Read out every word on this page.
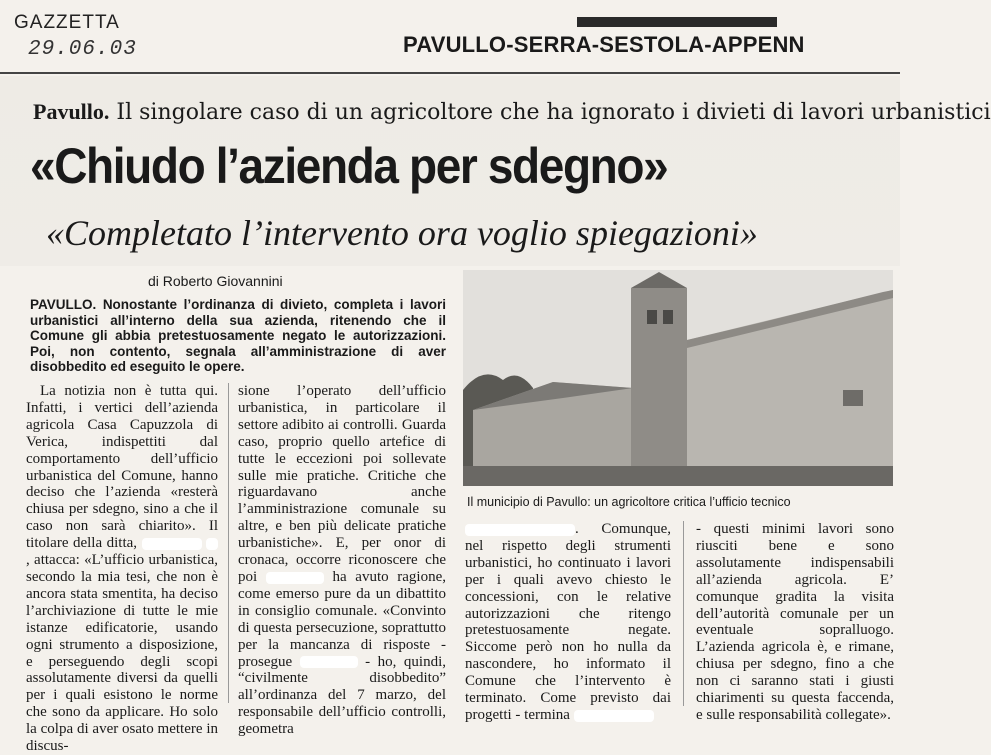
GAZZETTA
29.06.03	PAVULLO-SERRA-SESTOLA-APPENN
Pavullo. Il singolare caso di un agricoltore che ha ignorato i divieti di lavori urbanistici
«Chiudo l’azienda per sdegno»
«Completato l’intervento ora voglio spiegazioni»
di Roberto Giovannini
PAVULLO. Nonostante l’ordinanza di divieto, completa i lavori urbanistici all’interno della sua azienda, ritenendo che il Comune gli abbia pretestuosamente negato le autorizzazioni. Poi, non contento, segnala all’amministrazione di aver disobbedito ed eseguito le opere.

La notizia non è tutta qui. Infatti, i vertici dell’azienda agricola Casa Capuzzola di Verica, indispettiti dal comportamento dell’ufficio urbanistica del Comune, hanno deciso che l’azienda «resterà chiusa per sdegno, sino a che il caso non sarà chiarito». Il titolare della ditta,  , attacca: «L’ufficio urbanistica, secondo la mia tesi, che non è ancora stata smentita, ha deciso l’archiviazione di tutte le mie istanze edificatorie, usando ogni strumento a disposizione, e perseguendo degli scopi assolutamente diversi da quelli per i quali esistono le norme che sono da applicare. Ho solo la colpa di aver osato mettere in discus-

sione l’operato dell’ufficio urbanistica, in particolare il settore adibito ai controlli. Guarda caso, proprio quello artefice di tutte le eccezioni poi sollevate sulle mie pratiche. Critiche che riguardavano anche l’amministrazione comunale su altre, e ben più delicate pratiche urbanistiche». E, per onor di cronaca, occorre riconoscere che poi	ha avuto ragione, come emerso pure da un dibattito in consiglio comunale. «Convinto di questa persecuzione, soprattutto per la mancanza di risposte - prosegue	- ho, quindi, “civilmente disobbedito” all’ordinanza del 7 marzo, del responsabile dell’ufficio controlli, geometra

Il municipio di Pavullo: un agricoltore critica l’ufficio tecnico

. Comunque, nel rispetto degli strumenti urbanistici, ho continuato i lavori per i quali avevo chiesto le concessioni, con le relative autorizzazioni che ritengo pretestuosamente negate. Siccome però non ho nulla da nascondere, ho informato il Comune che l’intervento è terminato. Come previsto dai progetti - termina

- questi minimi lavori sono riusciti bene e sono assolutamente indispensabili all’azienda agricola. E’ comunque gradita la visita dell’autorità comunale per un eventuale sopralluogo. L’azienda agricola è, e rimane, chiusa per sdegno, fino a che non ci saranno stati i giusti chiarimenti su questa faccenda, e sulle responsabilità collegate».
